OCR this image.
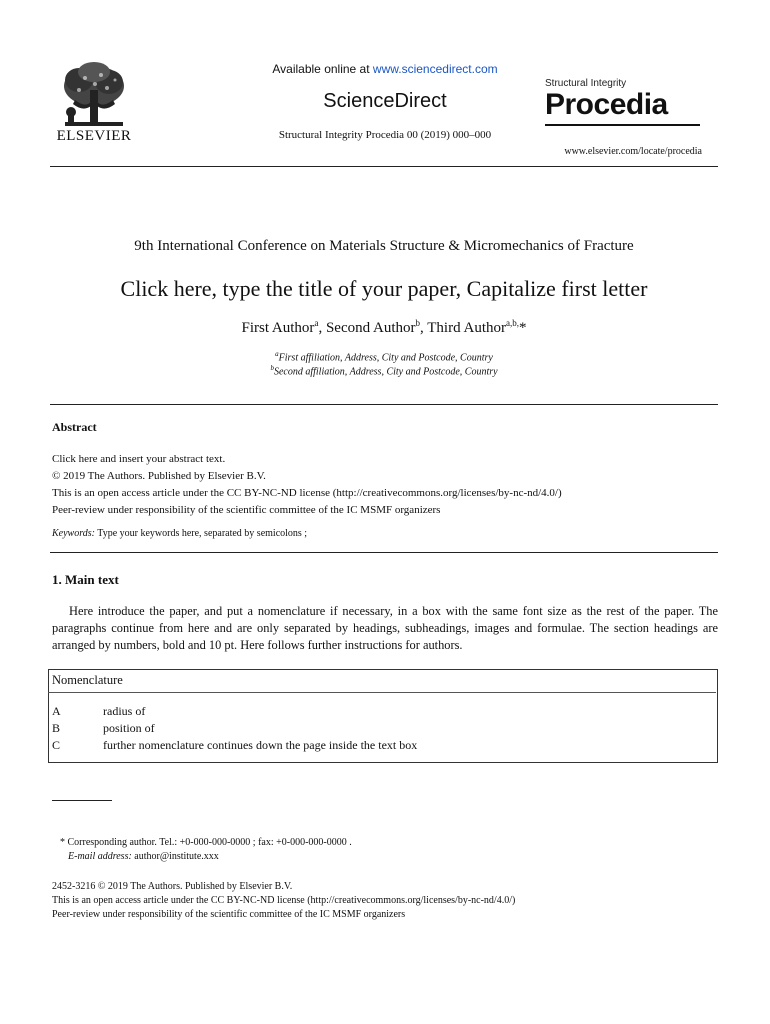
ELSEVIER
Available online at www.sciencedirect.com
ScienceDirect
Structural Integrity Procedia 00 (2019) 000–000
Structural Integrity
Procedia
www.elsevier.com/locate/procedia
9th International Conference on Materials Structure & Micromechanics of Fracture
Click here, type the title of your paper, Capitalize first letter
First Author$^a$, Second Author$^b$, Third Author$^{a,b,}$*
$^a$First affiliation, Address, City and Postcode, Country
$^b$Second affiliation, Address, City and Postcode, Country
Abstract
Click here and insert your abstract text.
© 2019 The Authors. Published by Elsevier B.V.
This is an open access article under the CC BY-NC-ND license (http://creativecommons.org/licenses/by-nc-nd/4.0/)
Peer-review under responsibility of the scientific committee of the IC MSMF organizers
Keywords: Type your keywords here, separated by semicolons ;
1. Main text
Here introduce the paper, and put a nomenclature if necessary, in a box with the same font size as the rest of the paper. The paragraphs continue from here and are only separated by headings, subheadings, images and formulae. The section headings are arranged by numbers, bold and 10 pt. Here follows further instructions for authors.
Nomenclature
A	radius of
B	position of
C	further nomenclature continues down the page inside the text box
* Corresponding author. Tel.: +0-000-000-0000 ; fax: +0-000-000-0000 .
E-mail address: author@institute.xxx
2452-3216 © 2019 The Authors. Published by Elsevier B.V.
This is an open access article under the CC BY-NC-ND license (http://creativecommons.org/licenses/by-nc-nd/4.0/)
Peer-review under responsibility of the scientific committee of the IC MSMF organizers
